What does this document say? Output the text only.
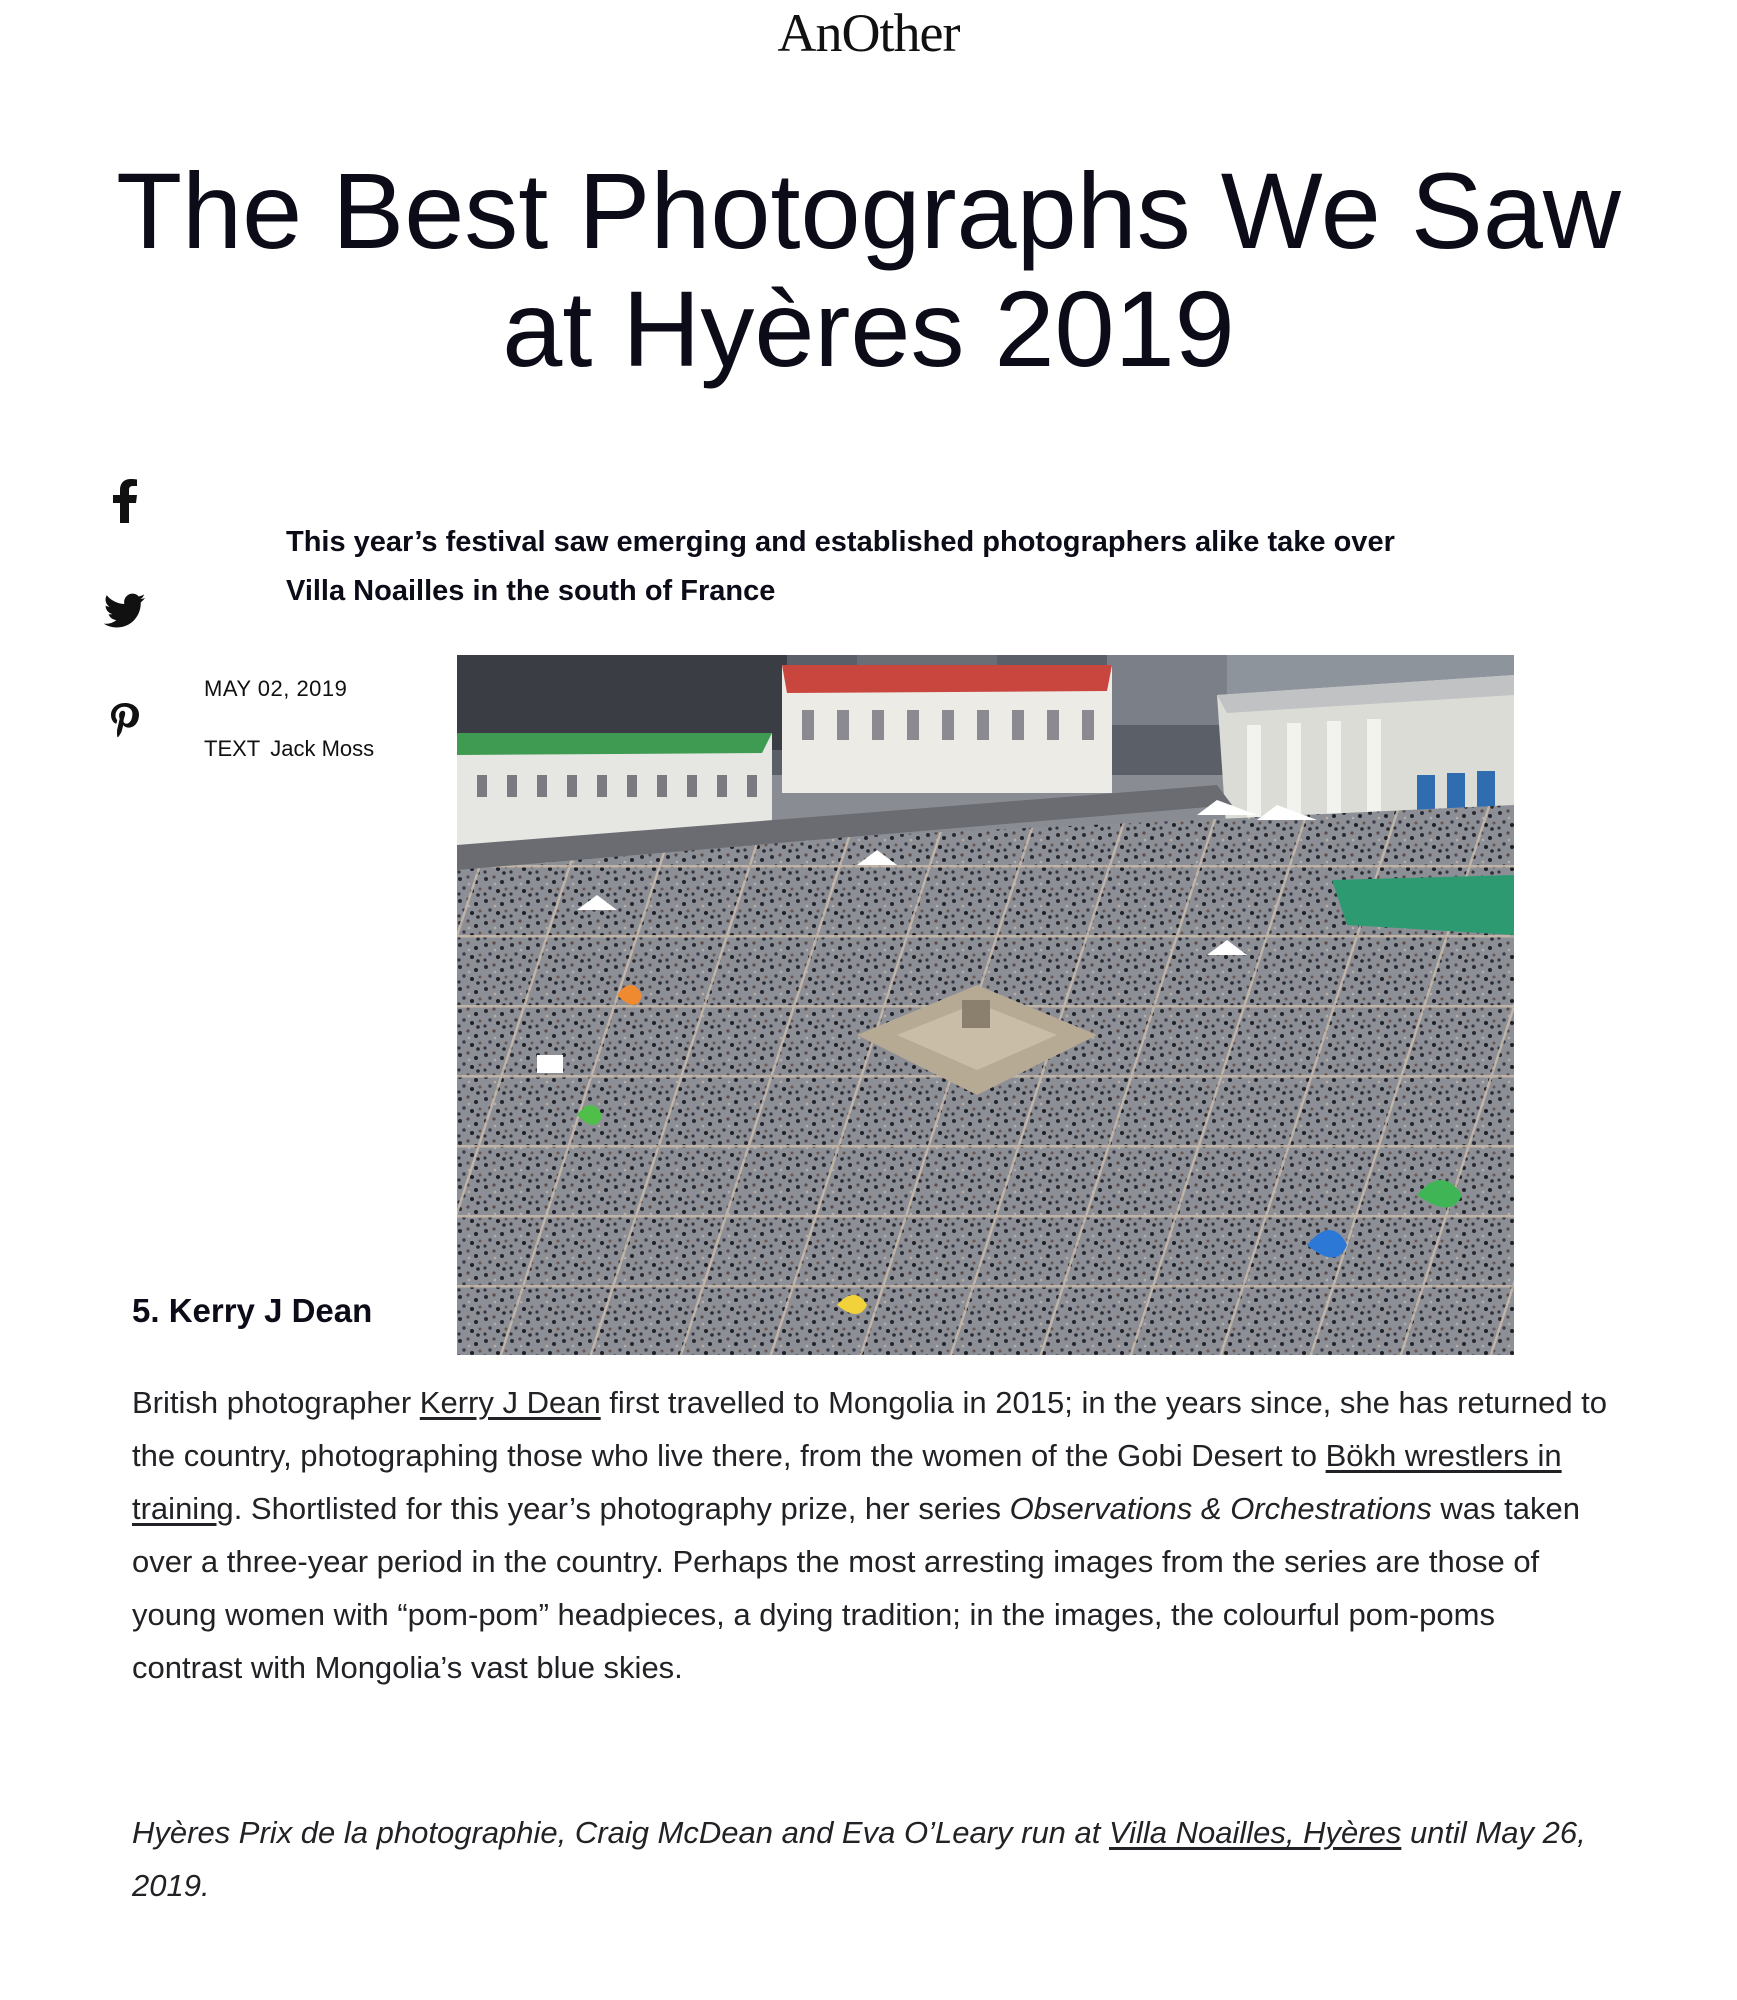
AnOther
The Best Photographs We Saw
at Hyères 2019

This year’s festival saw emerging and established photographers alike take over
Villa Noailles in the south of France

MAY 02, 2019
TEXT Jack Moss
5. Kerry J Dean

British photographer Kerry J Dean first travelled to Mongolia in 2015; in the years since, she has returned to the country, photographing those who live there, from the women of the Gobi Desert to Bökh wrestlers in training. Shortlisted for this year’s photography prize, her series Observations & Orchestrations was taken over a three-year period in the country. Perhaps the most arresting images from the series are those of young women with “pom-pom” headpieces, a dying tradition; in the images, the colourful pom-poms contrast with Mongolia’s vast blue skies.

Hyères Prix de la photographie, Craig McDean and Eva O’Leary run at Villa Noailles, Hyères until May 26, 2019.
